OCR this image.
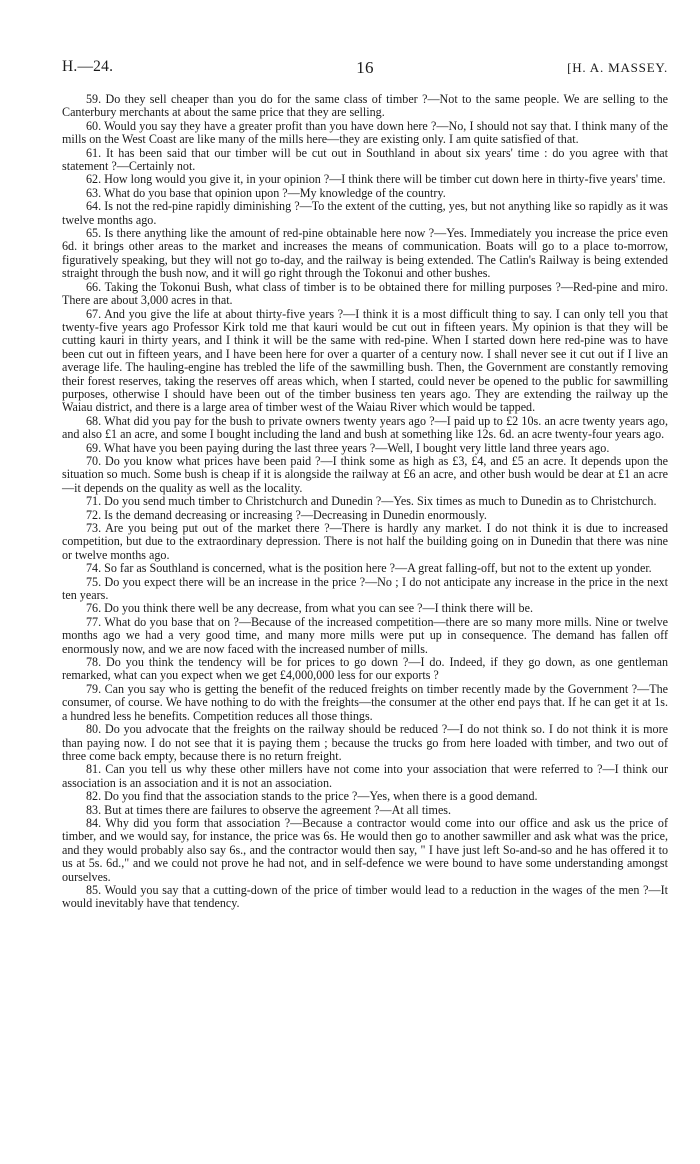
H.—24.	16	[H. A. MASSEY.

59. Do they sell cheaper than you do for the same class of timber ?—Not to the same people. We are selling to the Canterbury merchants at about the same price that they are selling.

60. Would you say they have a greater profit than you have down here ?—No, I should not say that. I think many of the mills on the West Coast are like many of the mills here—they are existing only. I am quite satisfied of that.

61. It has been said that our timber will be cut out in Southland in about six years' time : do you agree with that statement ?—Certainly not.

62. How long would you give it, in your opinion ?—I think there will be timber cut down here in thirty-five years' time.

63. What do you base that opinion upon ?—My knowledge of the country.

64. Is not the red-pine rapidly diminishing ?—To the extent of the cutting, yes, but not anything like so rapidly as it was twelve months ago.

65. Is there anything like the amount of red-pine obtainable here now ?—Yes. Immediately you increase the price even 6d. it brings other areas to the market and increases the means of communication. Boats will go to a place to-morrow, figuratively speaking, but they will not go to-day, and the railway is being extended. The Catlin's Railway is being extended straight through the bush now, and it will go right through the Tokonui and other bushes.

66. Taking the Tokonui Bush, what class of timber is to be obtained there for milling purposes ?—Red-pine and miro. There are about 3,000 acres in that.

67. And you give the life at about thirty-five years ?—I think it is a most difficult thing to say. I can only tell you that twenty-five years ago Professor Kirk told me that kauri would be cut out in fifteen years. My opinion is that they will be cutting kauri in thirty years, and I think it will be the same with red-pine. When I started down here red-pine was to have been cut out in fifteen years, and I have been here for over a quarter of a century now. I shall never see it cut out if I live an average life. The hauling-engine has trebled the life of the sawmilling bush. Then, the Government are constantly removing their forest reserves, taking the reserves off areas which, when I started, could never be opened to the public for sawmilling purposes, otherwise I should have been out of the timber business ten years ago. They are extending the railway up the Waiau district, and there is a large area of timber west of the Waiau River which would be tapped.

68. What did you pay for the bush to private owners twenty years ago ?—I paid up to £2 10s. an acre twenty years ago, and also £1 an acre, and some I bought including the land and bush at something like 12s. 6d. an acre twenty-four years ago.

69. What have you been paying during the last three years ?—Well, I bought very little land three years ago.

70. Do you know what prices have been paid ?—I think some as high as £3, £4, and £5 an acre. It depends upon the situation so much. Some bush is cheap if it is alongside the railway at £6 an acre, and other bush would be dear at £1 an acre—it depends on the quality as well as the locality.

71. Do you send much timber to Christchurch and Dunedin ?—Yes. Six times as much to Dunedin as to Christchurch.

72. Is the demand decreasing or increasing ?—Decreasing in Dunedin enormously.

73. Are you being put out of the market there ?—There is hardly any market. I do not think it is due to increased competition, but due to the extraordinary depression. There is not half the building going on in Dunedin that there was nine or twelve months ago.

74. So far as Southland is concerned, what is the position here ?—A great falling-off, but not to the extent up yonder.

75. Do you expect there will be an increase in the price ?—No ; I do not anticipate any increase in the price in the next ten years.

76. Do you think there well be any decrease, from what you can see ?—I think there will be.

77. What do you base that on ?—Because of the increased competition—there are so many more mills. Nine or twelve months ago we had a very good time, and many more mills were put up in consequence. The demand has fallen off enormously now, and we are now faced with the increased number of mills.

78. Do you think the tendency will be for prices to go down ?—I do. Indeed, if they go down, as one gentleman remarked, what can you expect when we get £4,000,000 less for our exports ?

79. Can you say who is getting the benefit of the reduced freights on timber recently made by the Government ?—The consumer, of course. We have nothing to do with the freights—the consumer at the other end pays that. If he can get it at 1s. a hundred less he benefits. Competition reduces all those things.

80. Do you advocate that the freights on the railway should be reduced ?—I do not think so. I do not think it is more than paying now. I do not see that it is paying them ; because the trucks go from here loaded with timber, and two out of three come back empty, because there is no return freight.

81. Can you tell us why these other millers have not come into your association that were referred to ?—I think our association is an association and it is not an association.

82. Do you find that the association stands to the price ?—Yes, when there is a good demand.

83. But at times there are failures to observe the agreement ?—At all times.

84. Why did you form that association ?—Because a contractor would come into our office and ask us the price of timber, and we would say, for instance, the price was 6s. He would then go to another sawmiller and ask what was the price, and they would probably also say 6s., and the contractor would then say, " I have just left So-and-so and he has offered it to us at 5s. 6d.," and we could not prove he had not, and in self-defence we were bound to have some understanding amongst ourselves.

85. Would you say that a cutting-down of the price of timber would lead to a reduction in the wages of the men ?—It would inevitably have that tendency.
